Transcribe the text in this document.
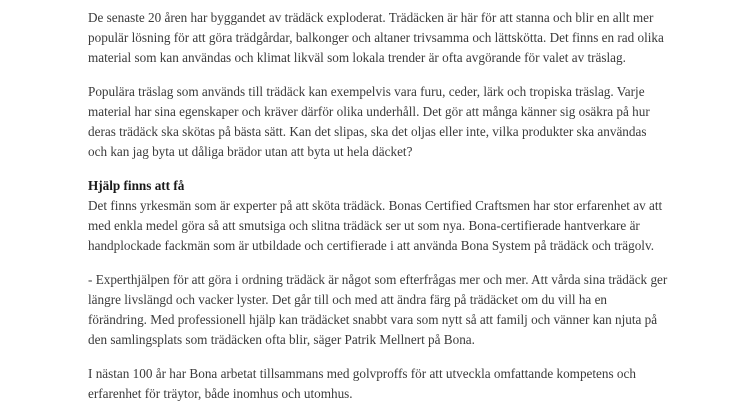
De senaste 20 åren har byggandet av trädäck exploderat. Trädäcken är här för att stanna och blir en allt mer populär lösning för att göra trädgårdar, balkonger och altaner trivsamma och lättskötta. Det finns en rad olika material som kan användas och klimat likväl som lokala trender är ofta avgörande för valet av träslag.

Populära träslag som används till trädäck kan exempelvis vara furu, ceder, lärk och tropiska träslag. Varje material har sina egenskaper och kräver därför olika underhåll. Det gör att många känner sig osäkra på hur deras trädäck ska skötas på bästa sätt. Kan det slipas, ska det oljas eller inte, vilka produkter ska användas och kan jag byta ut dåliga brädor utan att byta ut hela däcket?

Hjälp finns att få

Det finns yrkesmän som är experter på att sköta trädäck. Bonas Certified Craftsmen har stor erfarenhet av att med enkla medel göra så att smutsiga och slitna trädäck ser ut som nya. Bona-certifierade hantverkare är handplockade fackmän som är utbildade och certifierade i att använda Bona System på trädäck och trägolv.

- Experthjälpen för att göra i ordning trädäck är något som efterfrågas mer och mer. Att vårda sina trädäck ger längre livslängd och vacker lyster. Det går till och med att ändra färg på trädäcket om du vill ha en förändring. Med professionell hjälp kan trädäcket snabbt vara som nytt så att familj och vänner kan njuta på den samlingsplats som trädäcken ofta blir, säger Patrik Mellnert på Bona.

I nästan 100 år har Bona arbetat tillsammans med golvproffs för att utveckla omfattande kompetens och erfarenhet för träytor, både inomhus och utomhus.
